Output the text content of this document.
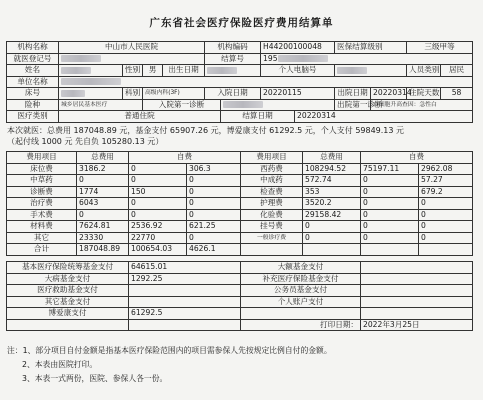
广东省社会医疗保险医疗费用结算单
机构名称	中山市人民医院				机构编码		H44200100048		医保结算级别		三级甲等	
就医登记号					结算号		195					
姓名		性别	男	出生日期			个人电脑号				人员类别	居民
单位名称												
床号		科别	高级内科(3F)		入院日期		20220115		出院日期	20220314	住院天数	58
险种	城乡居民基本医疗		入院第一诊断						出院第一诊断	白细胞升高查因：急性白		
医疗类别	普通住院					结算日期		20220314				
本次就医：总费用 187048.89 元，基金支付 65907.26 元，博爱康支付 61292.5 元，个人支付 59849.13 元
（起付线 1000 元 先自负 105280.13 元）
费用项目	总费用	自费		费用项目	总费用	自费	
床位费	3186.2	0	306.3	西药费	108294.52	75197.11	2962.08
中草药	0	0	0	中成药	572.74	0	57.27
诊断费	1774	150	0	检查费	353	0	679.2
治疗费	6043	0	0	护理费	3520.2	0	0
手术费	0	0	0	化验费	29158.42	0	0
材料费	7624.81	2536.92	621.25	挂号费	0	0	0
其它	23330	22770	0	一般诊疗费	0	0	0
合计	187048.89	100654.03	4626.1				
基本医疗保险统筹基金支付	64615.01	大额基金支付	
大病基金支付	1292.25	补充医疗保险基金支付	
医疗救助基金支付		公务员基金支付	
其它基金支付		个人账户支付	
博爱康支付	61292.5		
		打印日期：	2022年3月25日
注：1、部分项目自付金额是指基本医疗保险范围内的项目需参保人先按规定比例自付的金额。
2、本表由医院打印。
3、本表一式两份，医院、参保人各一份。
